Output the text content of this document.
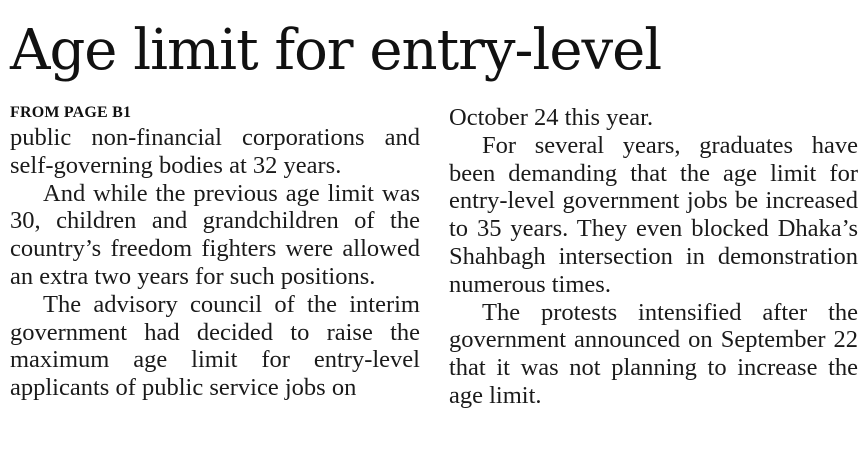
Age limit for entry-level
FROM PAGE B1

public non-financial corporations and self-governing bodies at 32 years.

And while the previous age limit was 30, children and grandchildren of the country’s freedom fighters were allowed an extra two years for such positions.

The advisory council of the interim government had decided to raise the maximum age limit for entry-level applicants of public service jobs on

October 24 this year.

For several years, graduates have been demanding that the age limit for entry-level government jobs be increased to 35 years. They even blocked Dhaka’s Shahbagh intersection in demonstration numerous times.

The protests intensified after the government announced on September 22 that it was not planning to increase the age limit.
